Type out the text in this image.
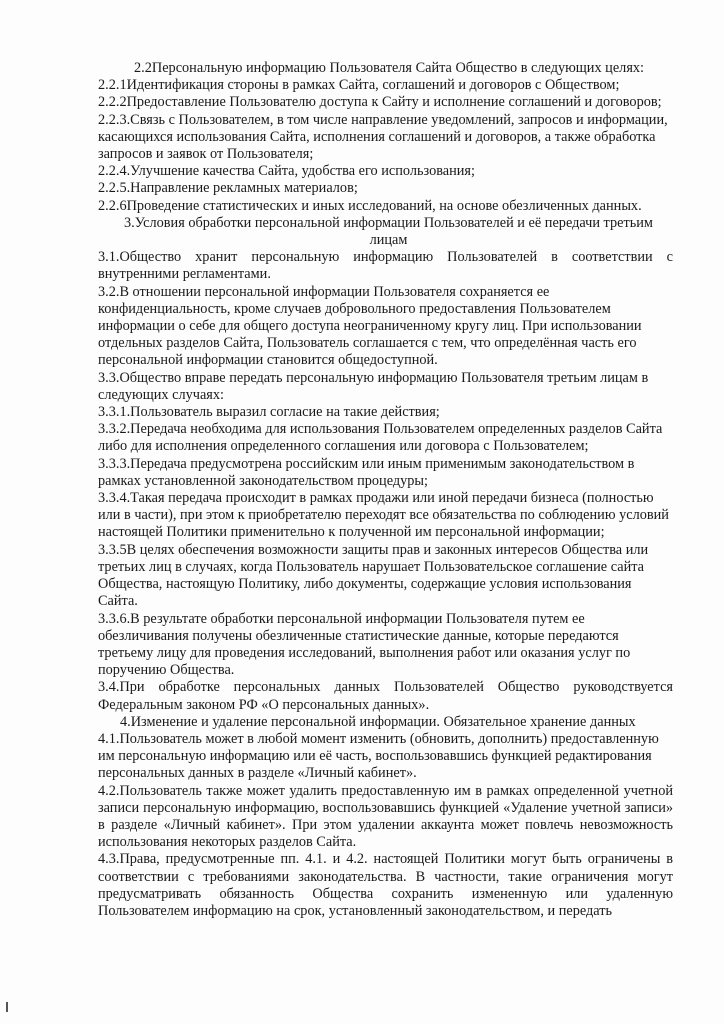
2.2Персональную информацию Пользователя Сайта Общество в следующих целях:

2.2.1Идентификация стороны в рамках Сайта, соглашений и договоров с Обществом;

2.2.2Предоставление Пользователю доступа к Сайту и исполнение соглашений и договоров;

2.2.3.Связь с Пользователем, в том числе направление уведомлений, запросов и информации, касающихся использования Сайта, исполнения соглашений и договоров, а также обработка запросов и заявок от Пользователя;

2.2.4.Улучшение качества Сайта, удобства его использования;

2.2.5.Направление рекламных материалов;

2.2.6Проведение статистических и иных исследований, на основе обезличенных данных.

3.Условия обработки персональной информации Пользователей и её передачи третьим лицам

3.1.Общество хранит персональную информацию Пользователей в соответствии с внутренними регламентами.

3.2.В отношении персональной информации Пользователя сохраняется ее конфиденциальность, кроме случаев добровольного предоставления Пользователем информации о себе для общего доступа неограниченному кругу лиц. При использовании отдельных разделов Сайта, Пользователь соглашается с тем, что определённая часть его персональной информации становится общедоступной.

3.3.Общество вправе передать персональную информацию Пользователя третьим лицам в следующих случаях:

3.3.1.Пользователь выразил согласие на такие действия;

3.3.2.Передача необходима для использования Пользователем определенных разделов Сайта либо для исполнения определенного соглашения или договора с Пользователем;

3.3.3.Передача предусмотрена российским или иным применимым законодательством в рамках установленной законодательством процедуры;

3.3.4.Такая передача происходит в рамках продажи или иной передачи бизнеса (полностью или в части), при этом к приобретателю переходят все обязательства по соблюдению условий настоящей Политики применительно к полученной им персональной информации;

3.3.5В целях обеспечения возможности защиты прав и законных интересов Общества или третьих лиц в случаях, когда Пользователь нарушает Пользовательское соглашение сайта Общества, настоящую Политику, либо документы, содержащие условия использования Сайта.

3.3.6.В результате обработки персональной информации Пользователя путем ее обезличивания получены обезличенные статистические данные, которые передаются третьему лицу для проведения исследований, выполнения работ или оказания услуг по поручению Общества.

3.4.При обработке персональных данных Пользователей Общество руководствуется Федеральным законом РФ «О персональных данных».

4.Изменение и удаление персональной информации. Обязательное хранение данных

4.1.Пользователь может в любой момент изменить (обновить, дополнить) предоставленную им персональную информацию или её часть, воспользовавшись функцией редактирования персональных данных в разделе «Личный кабинет».

4.2.Пользователь также может удалить предоставленную им в рамках определенной учетной записи персональную информацию, воспользовавшись функцией «Удаление учетной записи» в разделе «Личный кабинет». При этом удалении аккаунта может повлечь невозможность использования некоторых разделов Сайта.

4.3.Права, предусмотренные пп. 4.1. и 4.2. настоящей Политики могут быть ограничены в соответствии с требованиями законодательства. В частности, такие ограничения могут предусматривать обязанность Общества сохранить измененную или удаленную Пользователем информацию на срок, установленный законодательством, и передать
